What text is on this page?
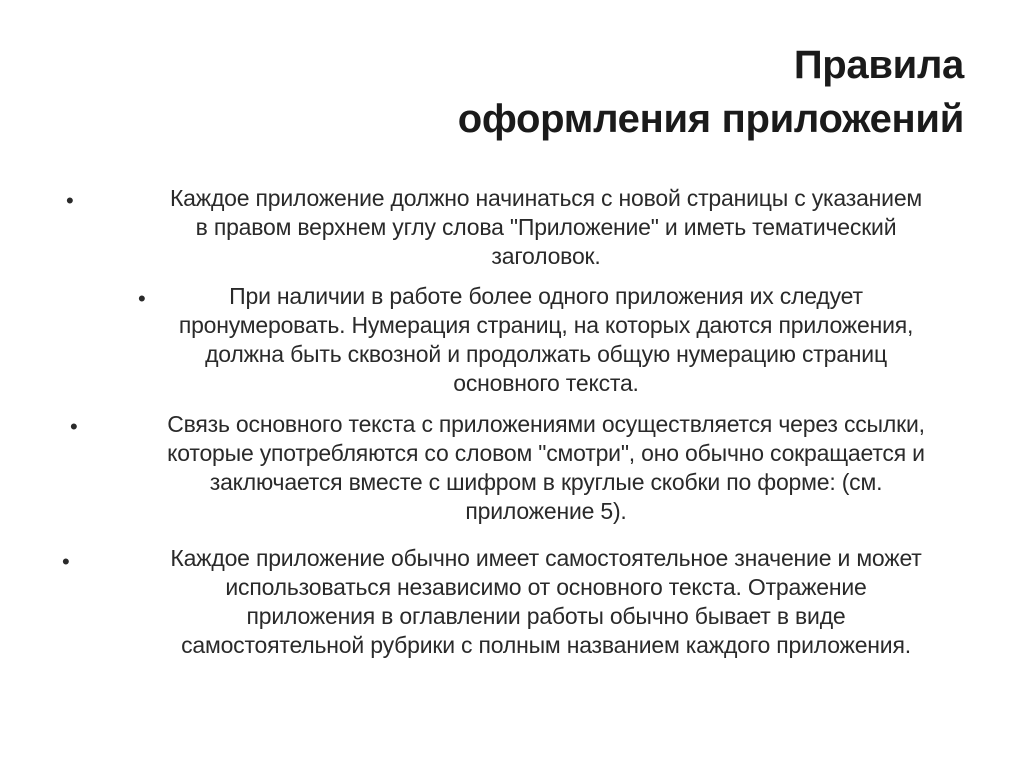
Правила
оформления приложений
•	Каждое приложение должно начинаться с новой страницы с указанием
в правом верхнем углу слова "Приложение" и иметь тематический
заголовок.
•	При наличии в работе более одного приложения их следует
пронумеровать. Нумерация страниц, на которых даются приложения,
должна быть сквозной и продолжать общую нумерацию страниц
основного текста.
•	Связь основного текста с приложениями осуществляется через ссылки,
которые употребляются со словом "смотри", оно обычно сокращается и
заключается вместе с шифром в круглые скобки по форме: (см.
приложение 5).
•	Каждое приложение обычно имеет самостоятельное значение и может
использоваться независимо от основного текста. Отражение
приложения в оглавлении работы обычно бывает в виде
самостоятельной рубрики с полным названием каждого приложения.
